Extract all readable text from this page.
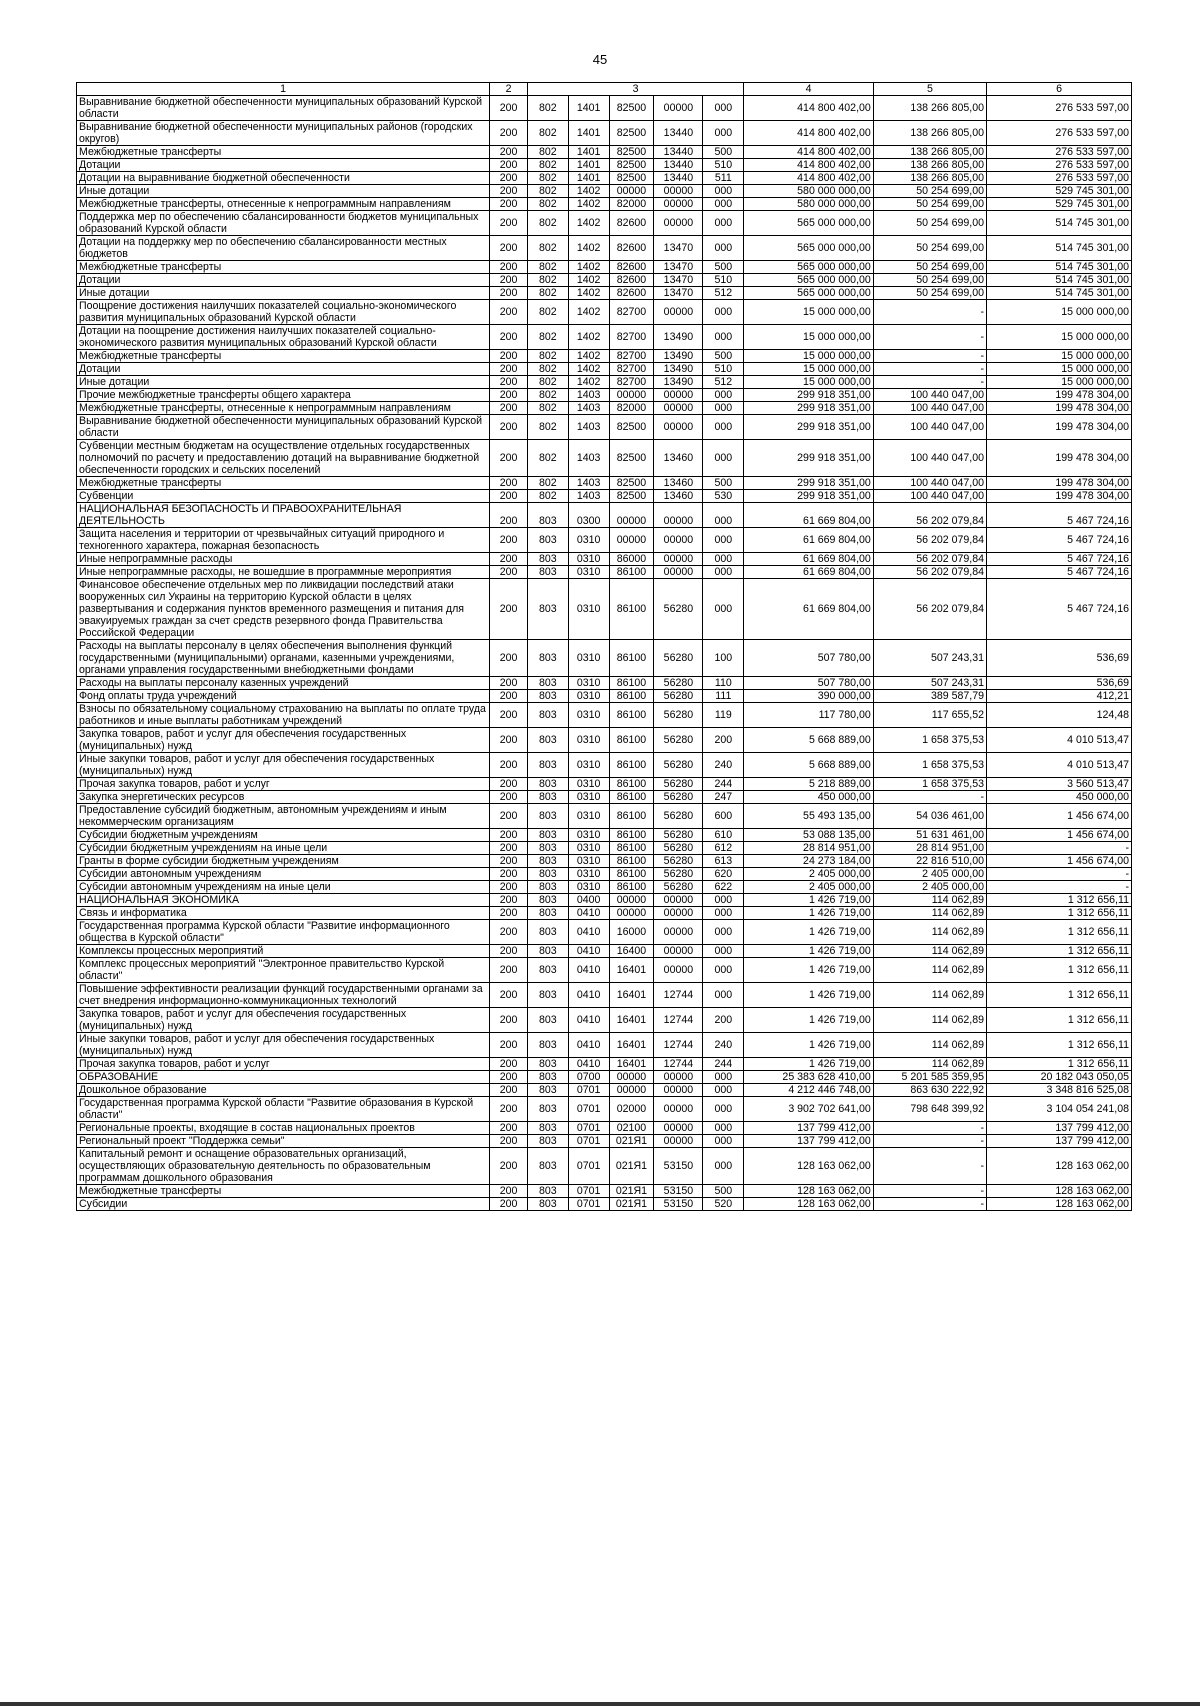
45
1	2	3					4	5	6
Выравнивание бюджетной обеспеченности муниципальных образований Курской области	200	802	1401	82500	00000	000	414 800 402,00	138 266 805,00	276 533 597,00
Выравнивание бюджетной обеспеченности муниципальных районов (городских округов)	200	802	1401	82500	13440	000	414 800 402,00	138 266 805,00	276 533 597,00
Межбюджетные трансферты	200	802	1401	82500	13440	500	414 800 402,00	138 266 805,00	276 533 597,00
Дотации	200	802	1401	82500	13440	510	414 800 402,00	138 266 805,00	276 533 597,00
Дотации на выравнивание бюджетной обеспеченности	200	802	1401	82500	13440	511	414 800 402,00	138 266 805,00	276 533 597,00
Иные дотации	200	802	1402	00000	00000	000	580 000 000,00	50 254 699,00	529 745 301,00
Межбюджетные трансферты, отнесенные к непрограммным направлениям	200	802	1402	82000	00000	000	580 000 000,00	50 254 699,00	529 745 301,00
Поддержка мер по обеспечению сбалансированности бюджетов муниципальных образований Курской области	200	802	1402	82600	00000	000	565 000 000,00	50 254 699,00	514 745 301,00
Дотации на поддержку мер по обеспечению сбалансированности местных бюджетов	200	802	1402	82600	13470	000	565 000 000,00	50 254 699,00	514 745 301,00
Межбюджетные трансферты	200	802	1402	82600	13470	500	565 000 000,00	50 254 699,00	514 745 301,00
Дотации	200	802	1402	82600	13470	510	565 000 000,00	50 254 699,00	514 745 301,00
Иные дотации	200	802	1402	82600	13470	512	565 000 000,00	50 254 699,00	514 745 301,00
Поощрение достижения наилучших показателей социально-экономического развития муниципальных образований Курской области	200	802	1402	82700	00000	000	15 000 000,00	-	15 000 000,00
Дотации на поощрение достижения наилучших показателей социально-экономического развития муниципальных образований Курской области	200	802	1402	82700	13490	000	15 000 000,00	-	15 000 000,00
Межбюджетные трансферты	200	802	1402	82700	13490	500	15 000 000,00	-	15 000 000,00
Дотации	200	802	1402	82700	13490	510	15 000 000,00	-	15 000 000,00
Иные дотации	200	802	1402	82700	13490	512	15 000 000,00	-	15 000 000,00
Прочие межбюджетные трансферты общего характера	200	802	1403	00000	00000	000	299 918 351,00	100 440 047,00	199 478 304,00
Межбюджетные трансферты, отнесенные к непрограммным направлениям	200	802	1403	82000	00000	000	299 918 351,00	100 440 047,00	199 478 304,00
Выравнивание бюджетной обеспеченности муниципальных образований Курской области	200	802	1403	82500	00000	000	299 918 351,00	100 440 047,00	199 478 304,00
Субвенции местным бюджетам на осуществление отдельных государственных полномочий по расчету и предоставлению дотаций на выравнивание бюджетной обеспеченности городских и сельских поселений	200	802	1403	82500	13460	000	299 918 351,00	100 440 047,00	199 478 304,00
Межбюджетные трансферты	200	802	1403	82500	13460	500	299 918 351,00	100 440 047,00	199 478 304,00
Субвенции	200	802	1403	82500	13460	530	299 918 351,00	100 440 047,00	199 478 304,00
НАЦИОНАЛЬНАЯ БЕЗОПАСНОСТЬ И ПРАВООХРАНИТЕЛЬНАЯ ДЕЯТЕЛЬНОСТЬ	200	803	0300	00000	00000	000	61 669 804,00	56 202 079,84	5 467 724,16
Защита населения и территории от чрезвычайных ситуаций природного и техногенного характера, пожарная безопасность	200	803	0310	00000	00000	000	61 669 804,00	56 202 079,84	5 467 724,16
Иные непрограммные расходы	200	803	0310	86000	00000	000	61 669 804,00	56 202 079,84	5 467 724,16
Иные непрограммные расходы, не вошедшие в программные мероприятия	200	803	0310	86100	00000	000	61 669 804,00	56 202 079,84	5 467 724,16
Финансовое обеспечение отдельных мер по ликвидации последствий атаки вооруженных сил Украины на территорию Курской области в целях развертывания и содержания пунктов временного размещения и питания для эвакуируемых граждан за счет средств резервного фонда Правительства Российской Федерации	200	803	0310	86100	56280	000	61 669 804,00	56 202 079,84	5 467 724,16
Расходы на выплаты персоналу в целях обеспечения выполнения функций государственными (муниципальными) органами, казенными учреждениями, органами управления государственными внебюджетными фондами	200	803	0310	86100	56280	100	507 780,00	507 243,31	536,69
Расходы на выплаты персоналу казенных учреждений	200	803	0310	86100	56280	110	507 780,00	507 243,31	536,69
Фонд оплаты труда учреждений	200	803	0310	86100	56280	111	390 000,00	389 587,79	412,21
Взносы по обязательному социальному страхованию на выплаты по оплате труда работников и иные выплаты работникам учреждений	200	803	0310	86100	56280	119	117 780,00	117 655,52	124,48
Закупка товаров, работ и услуг для обеспечения государственных (муниципальных) нужд	200	803	0310	86100	56280	200	5 668 889,00	1 658 375,53	4 010 513,47
Иные закупки товаров, работ и услуг для обеспечения государственных (муниципальных) нужд	200	803	0310	86100	56280	240	5 668 889,00	1 658 375,53	4 010 513,47
Прочая закупка товаров, работ и услуг	200	803	0310	86100	56280	244	5 218 889,00	1 658 375,53	3 560 513,47
Закупка энергетических ресурсов	200	803	0310	86100	56280	247	450 000,00	-	450 000,00
Предоставление субсидий бюджетным, автономным учреждениям и иным некоммерческим организациям	200	803	0310	86100	56280	600	55 493 135,00	54 036 461,00	1 456 674,00
Субсидии бюджетным учреждениям	200	803	0310	86100	56280	610	53 088 135,00	51 631 461,00	1 456 674,00
Субсидии бюджетным учреждениям на иные цели	200	803	0310	86100	56280	612	28 814 951,00	28 814 951,00	-
Гранты в форме субсидии бюджетным учреждениям	200	803	0310	86100	56280	613	24 273 184,00	22 816 510,00	1 456 674,00
Субсидии автономным учреждениям	200	803	0310	86100	56280	620	2 405 000,00	2 405 000,00	-
Субсидии автономным учреждениям на иные цели	200	803	0310	86100	56280	622	2 405 000,00	2 405 000,00	-
НАЦИОНАЛЬНАЯ ЭКОНОМИКА	200	803	0400	00000	00000	000	1 426 719,00	114 062,89	1 312 656,11
Связь и информатика	200	803	0410	00000	00000	000	1 426 719,00	114 062,89	1 312 656,11
Государственная программа Курской области "Развитие информационного общества в Курской области"	200	803	0410	16000	00000	000	1 426 719,00	114 062,89	1 312 656,11
Комплексы процессных мероприятий	200	803	0410	16400	00000	000	1 426 719,00	114 062,89	1 312 656,11
Комплекс процессных мероприятий "Электронное правительство Курской области"	200	803	0410	16401	00000	000	1 426 719,00	114 062,89	1 312 656,11
Повышение эффективности реализации функций государственными органами за счет внедрения информационно-коммуникационных технологий	200	803	0410	16401	12744	000	1 426 719,00	114 062,89	1 312 656,11
Закупка товаров, работ и услуг для обеспечения государственных (муниципальных) нужд	200	803	0410	16401	12744	200	1 426 719,00	114 062,89	1 312 656,11
Иные закупки товаров, работ и услуг для обеспечения государственных (муниципальных) нужд	200	803	0410	16401	12744	240	1 426 719,00	114 062,89	1 312 656,11
Прочая закупка товаров, работ и услуг	200	803	0410	16401	12744	244	1 426 719,00	114 062,89	1 312 656,11
ОБРАЗОВАНИЕ	200	803	0700	00000	00000	000	25 383 628 410,00	5 201 585 359,95	20 182 043 050,05
Дошкольное образование	200	803	0701	00000	00000	000	4 212 446 748,00	863 630 222,92	3 348 816 525,08
Государственная программа Курской области "Развитие образования в Курской области"	200	803	0701	02000	00000	000	3 902 702 641,00	798 648 399,92	3 104 054 241,08
Региональные проекты, входящие в состав национальных проектов	200	803	0701	02100	00000	000	137 799 412,00	-	137 799 412,00
Региональный проект "Поддержка семьи"	200	803	0701	021Я1	00000	000	137 799 412,00	-	137 799 412,00
Капитальный ремонт и оснащение образовательных организаций, осуществляющих образовательную деятельность по образовательным программам дошкольного образования	200	803	0701	021Я1	53150	000	128 163 062,00	-	128 163 062,00
Межбюджетные трансферты	200	803	0701	021Я1	53150	500	128 163 062,00	-	128 163 062,00
Субсидии	200	803	0701	021Я1	53150	520	128 163 062,00	-	128 163 062,00
